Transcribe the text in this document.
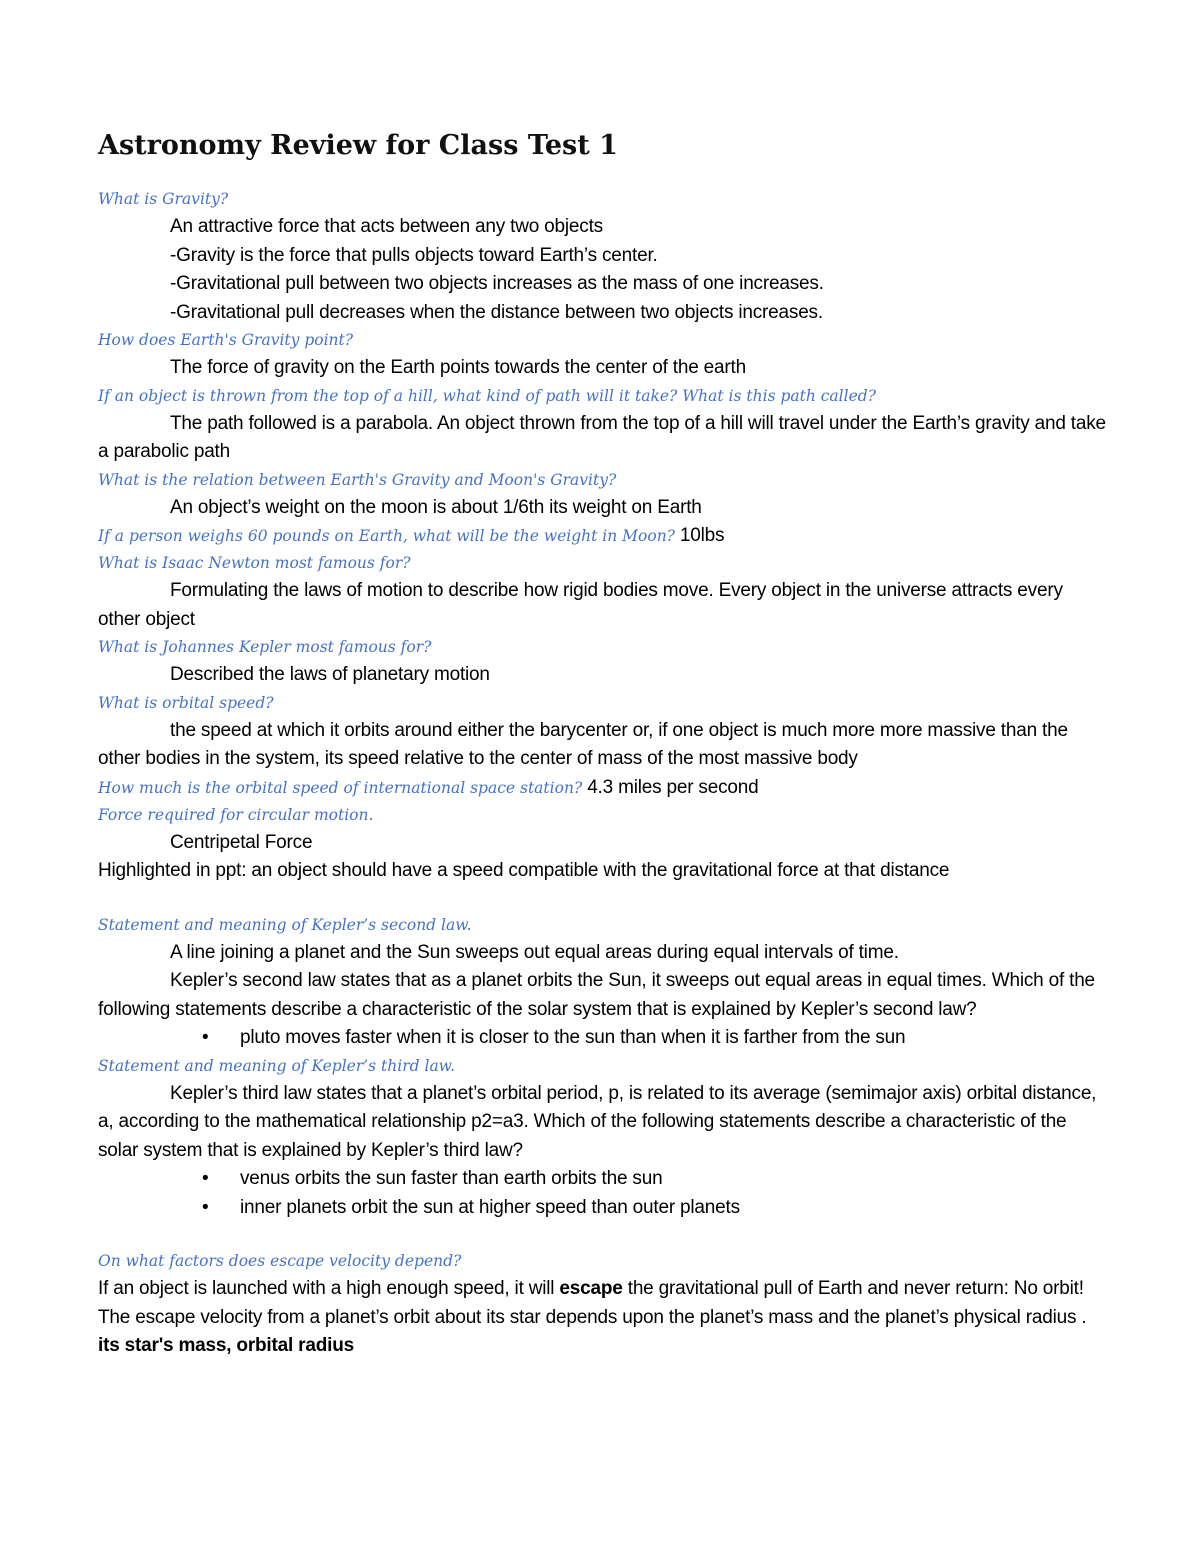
Astronomy Review for Class Test 1
What is Gravity?
An attractive force that acts between any two objects
-Gravity is the force that pulls objects toward Earth’s center.
-Gravitational pull between two objects increases as the mass of one increases.
-Gravitational pull decreases when the distance between two objects increases.
How does Earth's Gravity point?
The force of gravity on the Earth points towards the center of the earth
If an object is thrown from the top of a hill, what kind of path will it take? What is this path called?
The path followed is a parabola. An object thrown from the top of a hill will travel under the Earth’s gravity and take a parabolic path
What is the relation between Earth's Gravity and Moon's Gravity?
An object’s weight on the moon is about 1/6th its weight on Earth
If a person weighs 60 pounds on Earth, what will be the weight in Moon? 10lbs
What is Isaac Newton most famous for?
Formulating the laws of motion to describe how rigid bodies move. Every object in the universe attracts every other object
What is Johannes Kepler most famous for?
Described the laws of planetary motion
What is orbital speed?
the speed at which it orbits around either the barycenter or, if one object is much more more massive than the other bodies in the system, its speed relative to the center of mass of the most massive body
How much is the orbital speed of international space station? 4.3 miles per second
Force required for circular motion.
Centripetal Force
Highlighted in ppt: an object should have a speed compatible with the gravitational force at that distance
Statement and meaning of Kepler’s second law.
A line joining a planet and the Sun sweeps out equal areas during equal intervals of time.
Kepler’s second law states that as a planet orbits the Sun, it sweeps out equal areas in equal times. Which of the following statements describe a characteristic of the solar system that is explained by Kepler’s second law?
• pluto moves faster when it is closer to the sun than when it is farther from the sun
Statement and meaning of Kepler’s third law.
Kepler’s third law states that a planet’s orbital period, p, is related to its average (semimajor axis) orbital distance, a, according to the mathematical relationship p2=a3. Which of the following statements describe a characteristic of the solar system that is explained by Kepler’s third law?
• venus orbits the sun faster than earth orbits the sun
• inner planets orbit the sun at higher speed than outer planets
On what factors does escape velocity depend?
If an object is launched with a high enough speed, it will escape the gravitational pull of Earth and never return: No orbit!
The escape velocity from a planet’s orbit about its star depends upon the planet’s mass and the planet’s physical radius . its star's mass, orbital radius
